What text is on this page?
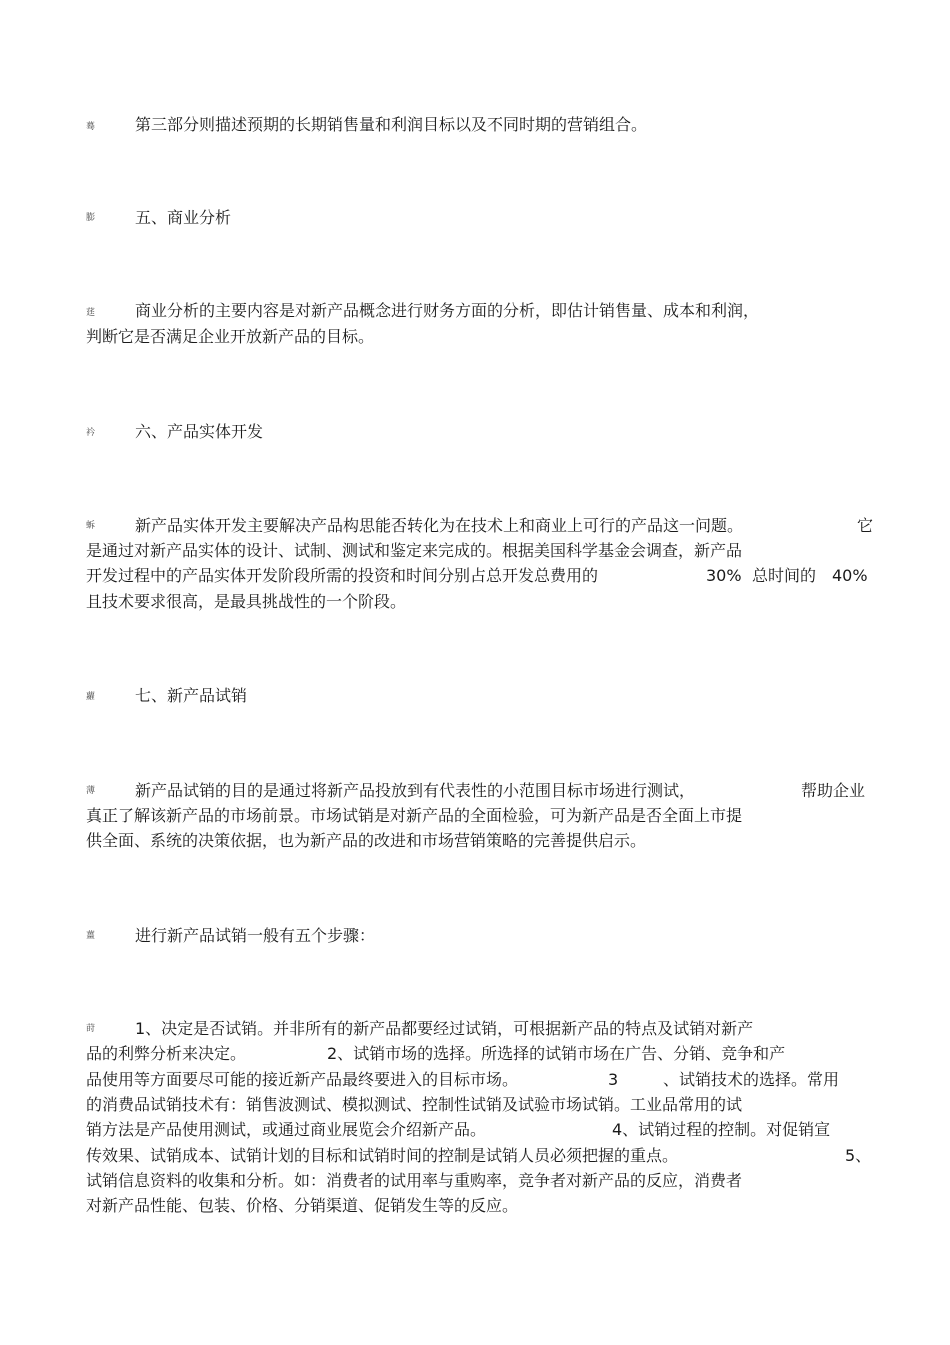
蓦
膨
莛
衿
蚸
蘿
薄
薑
莳
第三部分则描述预期的长期销售量和利润目标以及不同时期的营销组合。
五、商业分析
商业分析的主要内容是对新产品概念进行财务方面的分析，即估计销售量、成本和利润，
判断它是否满足企业开放新产品的目标。
六、产品实体开发
新产品实体开发主要解决产品构思能否转化为在技术上和商业上可行的产品这一问题。	它
是通过对新产品实体的设计、试制、测试和鉴定来完成的。根据美国科学基金会调查，新产品
开发过程中的产品实体开发阶段所需的投资和时间分别占总开发总费用的	30% 总时间的 40%
且技术要求很高，是最具挑战性的一个阶段。
七、新产品试销
新产品试销的目的是通过将新产品投放到有代表性的小范围目标市场进行测试，	帮助企业
真正了解该新产品的市场前景。市场试销是对新产品的全面检验，可为新产品是否全面上市提
供全面、系统的决策依据，也为新产品的改进和市场营销策略的完善提供启示。
进行新产品试销一般有五个步骤：
1、决定是否试销。并非所有的新产品都要经过试销，可根据新产品的特点及试销对新产
品的利弊分析来决定。	2、试销市场的选择。所选择的试销市场在广告、分销、竞争和产
品使用等方面要尽可能的接近新产品最终要进入的目标市场。	3	、试销技术的选择。常用
的消费品试销技术有：销售波测试、模拟测试、控制性试销及试验市场试销。工业品常用的试
销方法是产品使用测试，或通过商业展览会介绍新产品。	4、试销过程的控制。对促销宣
传效果、试销成本、试销计划的目标和试销时间的控制是试销人员必须把握的重点。	5、
试销信息资料的收集和分析。如：消费者的试用率与重购率，竞争者对新产品的反应，消费者
对新产品性能、包装、价格、分销渠道、促销发生等的反应。
